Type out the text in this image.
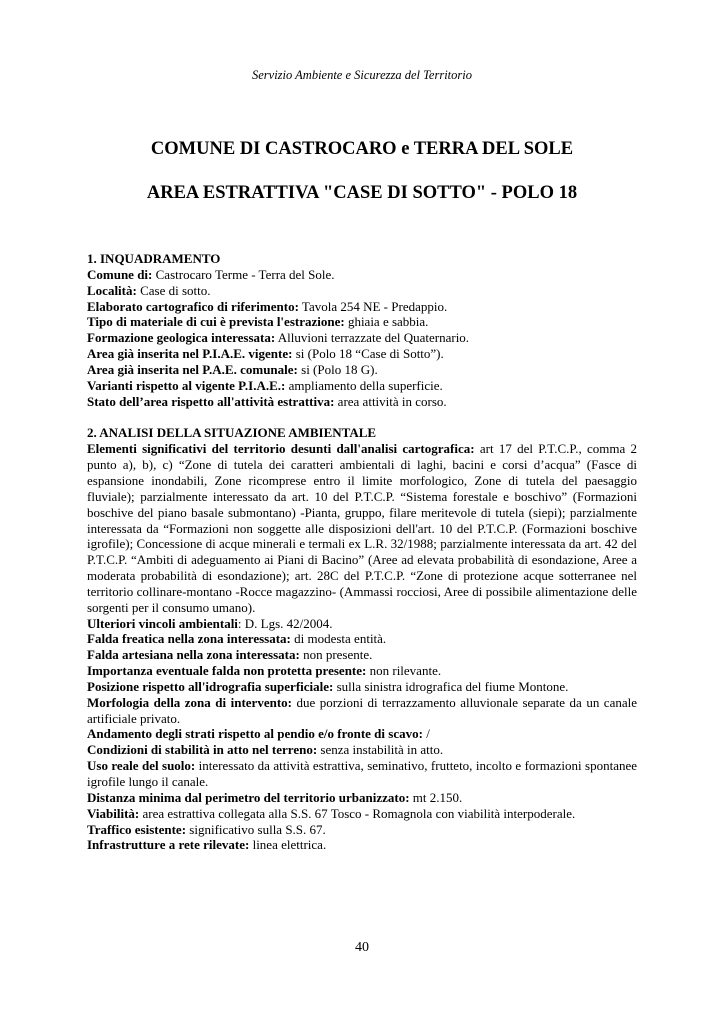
Servizio Ambiente e Sicurezza del Territorio
COMUNE DI CASTROCARO e TERRA DEL SOLE
AREA ESTRATTIVA "CASE DI SOTTO" - POLO 18
1. INQUADRAMENTO
Comune di: Castrocaro Terme - Terra del Sole.
Località: Case di sotto.
Elaborato cartografico di riferimento: Tavola 254 NE - Predappio.
Tipo di materiale di cui è prevista l'estrazione: ghiaia e sabbia.
Formazione geologica interessata: Alluvioni terrazzate del Quaternario.
Area già inserita nel P.I.A.E. vigente: si (Polo 18 “Case di Sotto”).
Area già inserita nel P.A.E. comunale: si (Polo 18 G).
Varianti rispetto al vigente P.I.A.E.: ampliamento della superficie.
Stato dell’area rispetto all'attività estrattiva: area attività in corso.
2. ANALISI DELLA SITUAZIONE AMBIENTALE
Elementi significativi del territorio desunti dall'analisi cartografica: art 17 del P.T.C.P., comma 2 punto a), b), c) “Zone di tutela dei caratteri ambientali di laghi, bacini e corsi d’acqua” (Fasce di espansione inondabili, Zone ricomprese entro il limite morfologico, Zone di tutela del paesaggio fluviale); parzialmente interessato da art. 10 del P.T.C.P. “Sistema forestale e boschivo” (Formazioni boschive del piano basale submontano) -Pianta, gruppo, filare meritevole di tutela (siepi); parzialmente interessata da “Formazioni non soggette alle disposizioni dell'art. 10 del P.T.C.P. (Formazioni boschive igrofile); Concessione di acque minerali e termali ex L.R. 32/1988; parzialmente interessata da art. 42 del P.T.C.P. “Ambiti di adeguamento ai Piani di Bacino” (Aree ad elevata probabilità di esondazione, Aree a moderata probabilità di esondazione); art. 28C del P.T.C.P. “Zone di protezione acque sotterranee nel territorio collinare-montano -Rocce magazzino- (Ammassi rocciosi, Aree di possibile alimentazione delle sorgenti per il consumo umano).
Ulteriori vincoli ambientali: D. Lgs. 42/2004.
Falda freatica nella zona interessata: di modesta entità.
Falda artesiana nella zona interessata: non presente.
Importanza eventuale falda non protetta presente: non rilevante.
Posizione rispetto all'idrografia superficiale: sulla sinistra idrografica del fiume Montone.
Morfologia della zona di intervento: due porzioni di terrazzamento alluvionale separate da un canale artificiale privato.
Andamento degli strati rispetto al pendio e/o fronte di scavo: /
Condizioni di stabilità in atto nel terreno: senza instabilità in atto.
Uso reale del suolo: interessato da attività estrattiva, seminativo, frutteto, incolto e formazioni spontanee igrofile lungo il canale.
Distanza minima dal perimetro del territorio urbanizzato: mt 2.150.
Viabilità: area estrattiva collegata alla S.S. 67 Tosco - Romagnola con viabilità interpoderale.
Traffico esistente: significativo sulla S.S. 67.
Infrastrutture a rete rilevate: linea elettrica.
40
